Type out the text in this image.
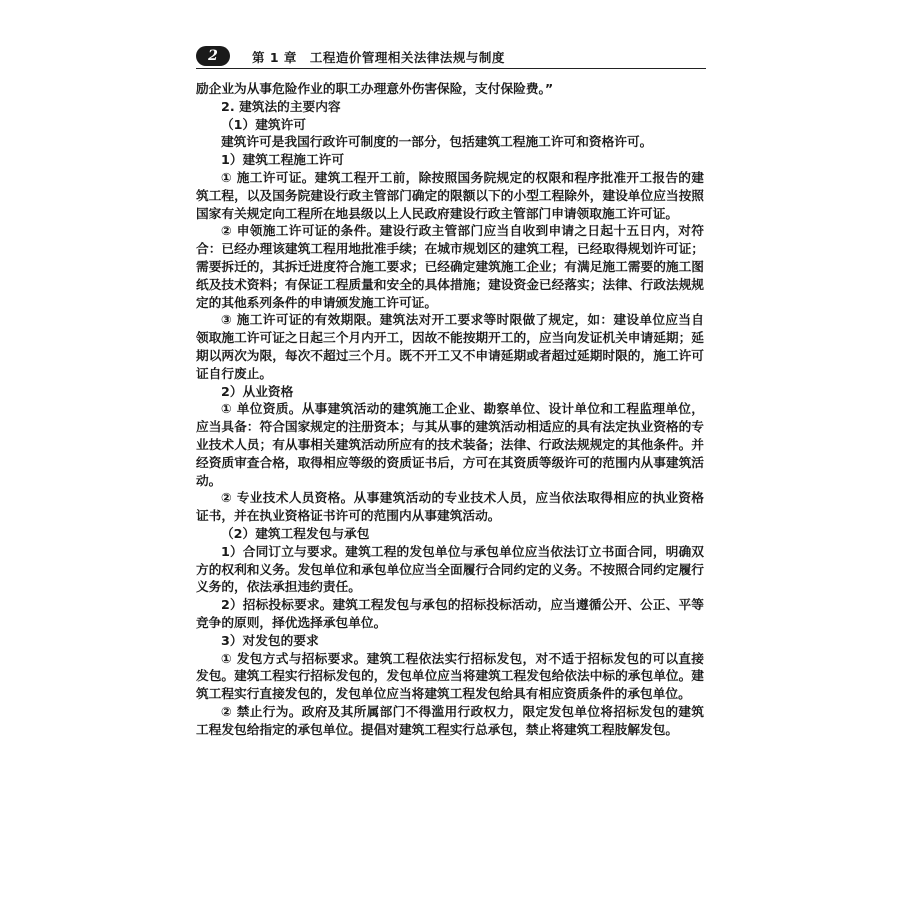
2	第 1 章　工程造价管理相关法律法规与制度

励企业为从事危险作业的职工办理意外伤害保险，支付保险费。”

2. 建筑法的主要内容

（1）建筑许可

建筑许可是我国行政许可制度的一部分，包括建筑工程施工许可和资格许可。

1）建筑工程施工许可

① 施工许可证。建筑工程开工前，除按照国务院规定的权限和程序批准开工报告的建筑工程，以及国务院建设行政主管部门确定的限额以下的小型工程除外，建设单位应当按照国家有关规定向工程所在地县级以上人民政府建设行政主管部门申请领取施工许可证。

② 申领施工许可证的条件。建设行政主管部门应当自收到申请之日起十五日内，对符合：已经办理该建筑工程用地批准手续；在城市规划区的建筑工程，已经取得规划许可证；需要拆迁的，其拆迁进度符合施工要求；已经确定建筑施工企业；有满足施工需要的施工图纸及技术资料；有保证工程质量和安全的具体措施；建设资金已经落实；法律、行政法规规定的其他系列条件的申请颁发施工许可证。

③ 施工许可证的有效期限。建筑法对开工要求等时限做了规定，如：建设单位应当自领取施工许可证之日起三个月内开工，因故不能按期开工的，应当向发证机关申请延期；延期以两次为限，每次不超过三个月。既不开工又不申请延期或者超过延期时限的，施工许可证自行废止。

2）从业资格

① 单位资质。从事建筑活动的建筑施工企业、勘察单位、设计单位和工程监理单位，应当具备：符合国家规定的注册资本；与其从事的建筑活动相适应的具有法定执业资格的专业技术人员；有从事相关建筑活动所应有的技术装备；法律、行政法规规定的其他条件。并经资质审查合格，取得相应等级的资质证书后，方可在其资质等级许可的范围内从事建筑活动。

② 专业技术人员资格。从事建筑活动的专业技术人员，应当依法取得相应的执业资格证书，并在执业资格证书许可的范围内从事建筑活动。

（2）建筑工程发包与承包

1）合同订立与要求。建筑工程的发包单位与承包单位应当依法订立书面合同，明确双方的权利和义务。发包单位和承包单位应当全面履行合同约定的义务。不按照合同约定履行义务的，依法承担违约责任。

2）招标投标要求。建筑工程发包与承包的招标投标活动，应当遵循公开、公正、平等竞争的原则，择优选择承包单位。

3）对发包的要求

① 发包方式与招标要求。建筑工程依法实行招标发包，对不适于招标发包的可以直接发包。建筑工程实行招标发包的，发包单位应当将建筑工程发包给依法中标的承包单位。建筑工程实行直接发包的，发包单位应当将建筑工程发包给具有相应资质条件的承包单位。

② 禁止行为。政府及其所属部门不得滥用行政权力，限定发包单位将招标发包的建筑工程发包给指定的承包单位。提倡对建筑工程实行总承包，禁止将建筑工程肢解发包。
